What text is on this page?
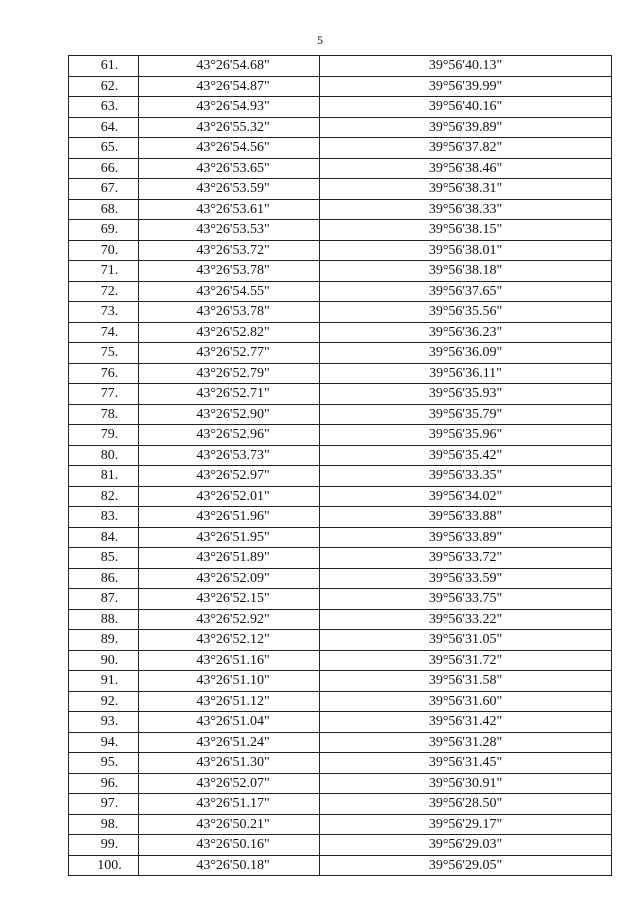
5
61.	43°26'54.68"	39°56'40.13"
62.	43°26'54.87"	39°56'39.99"
63.	43°26'54.93"	39°56'40.16"
64.	43°26'55.32"	39°56'39.89"
65.	43°26'54.56"	39°56'37.82"
66.	43°26'53.65"	39°56'38.46"
67.	43°26'53.59"	39°56'38.31"
68.	43°26'53.61"	39°56'38.33"
69.	43°26'53.53"	39°56'38.15"
70.	43°26'53.72"	39°56'38.01"
71.	43°26'53.78"	39°56'38.18"
72.	43°26'54.55"	39°56'37.65"
73.	43°26'53.78"	39°56'35.56"
74.	43°26'52.82"	39°56'36.23"
75.	43°26'52.77"	39°56'36.09"
76.	43°26'52.79"	39°56'36.11"
77.	43°26'52.71"	39°56'35.93"
78.	43°26'52.90"	39°56'35.79"
79.	43°26'52.96"	39°56'35.96"
80.	43°26'53.73"	39°56'35.42"
81.	43°26'52.97"	39°56'33.35"
82.	43°26'52.01"	39°56'34.02"
83.	43°26'51.96"	39°56'33.88"
84.	43°26'51.95"	39°56'33.89"
85.	43°26'51.89"	39°56'33.72"
86.	43°26'52.09"	39°56'33.59"
87.	43°26'52.15"	39°56'33.75"
88.	43°26'52.92"	39°56'33.22"
89.	43°26'52.12"	39°56'31.05"
90.	43°26'51.16"	39°56'31.72"
91.	43°26'51.10"	39°56'31.58"
92.	43°26'51.12"	39°56'31.60"
93.	43°26'51.04"	39°56'31.42"
94.	43°26'51.24"	39°56'31.28"
95.	43°26'51.30"	39°56'31.45"
96.	43°26'52.07"	39°56'30.91"
97.	43°26'51.17"	39°56'28.50"
98.	43°26'50.21"	39°56'29.17"
99.	43°26'50.16"	39°56'29.03"
100.	43°26'50.18"	39°56'29.05"
